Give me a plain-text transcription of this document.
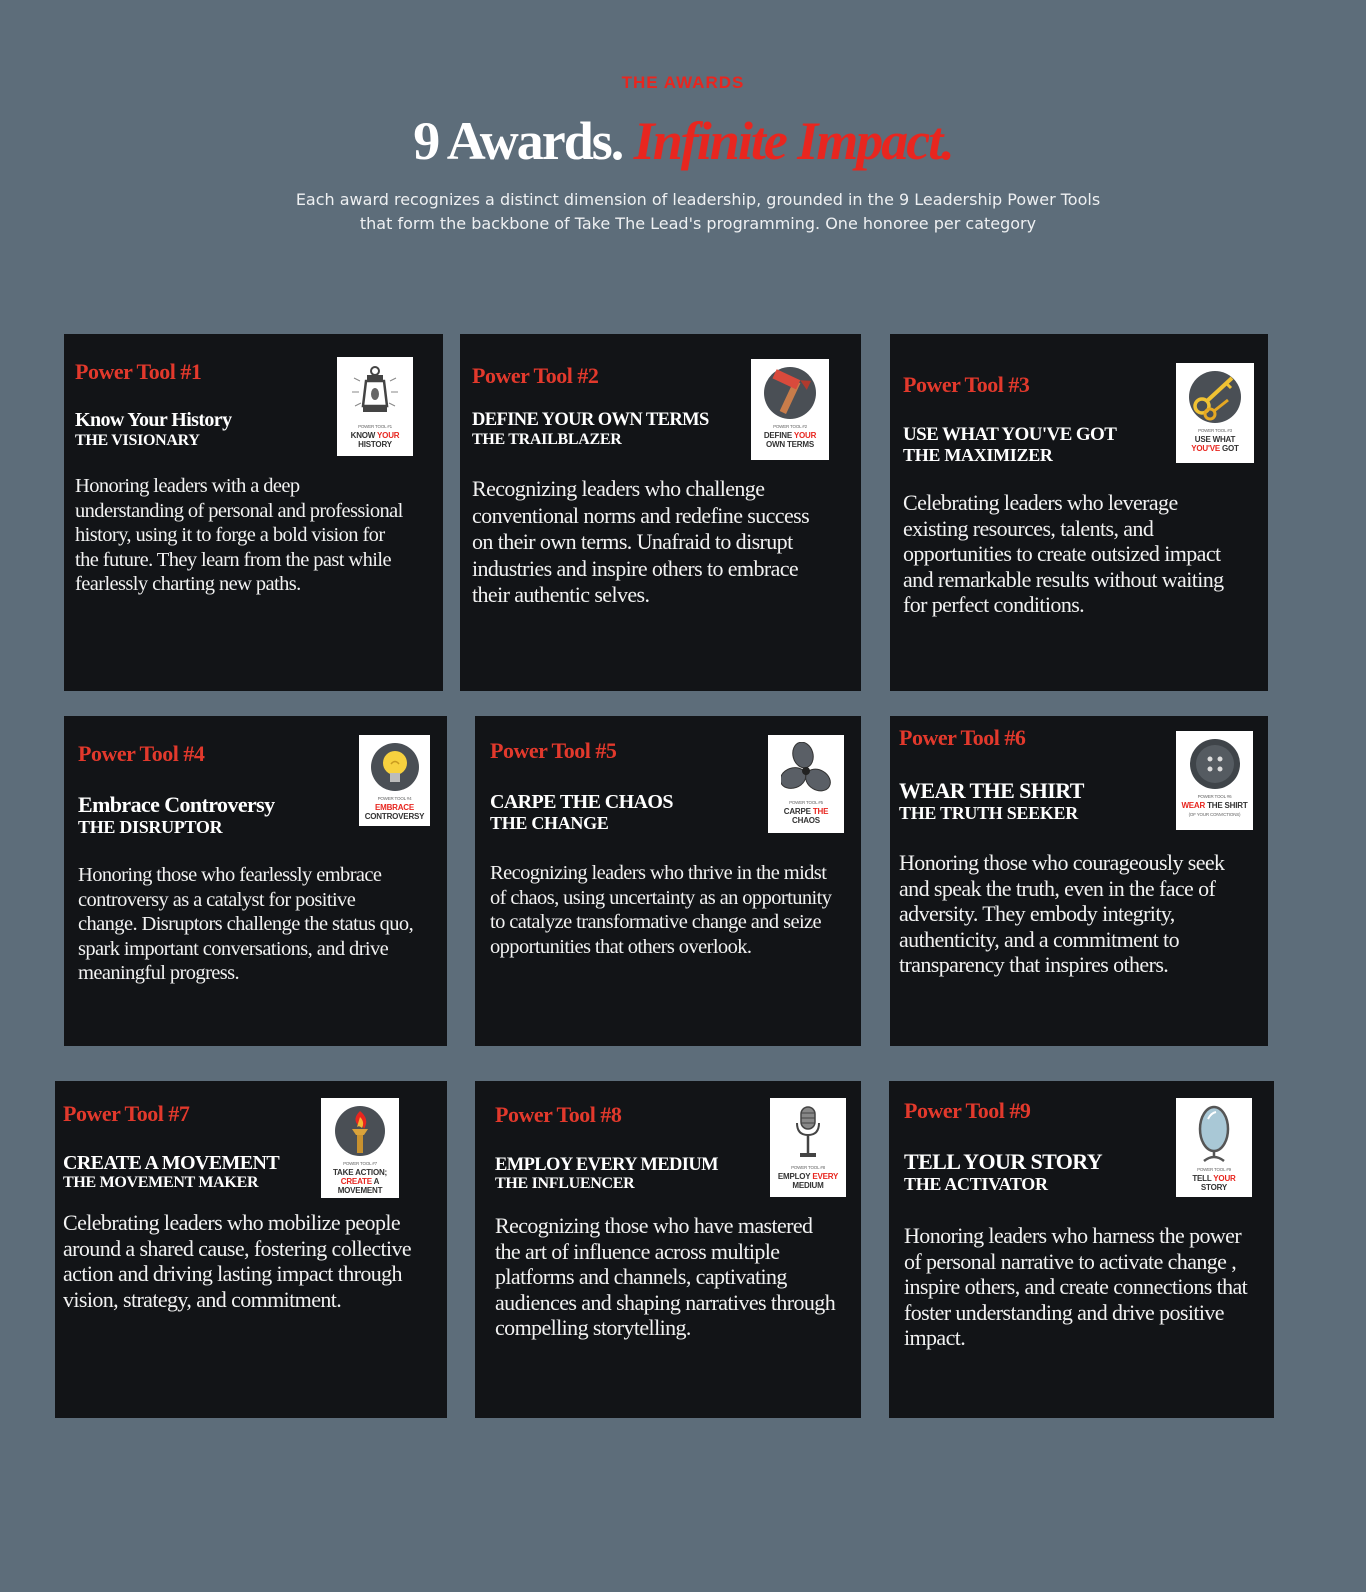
THE AWARDS
9 Awards. Infinite Impact.
Each award recognizes a distinct dimension of leadership, grounded in the 9 Leadership Power Tools that form the backbone of Take The Lead's programming. One honoree per category
Power Tool #1
Know Your History
THE VISIONARY
Honoring leaders with a deep understanding of personal and professional history, using it to forge a bold vision for the future. They learn from the past while fearlessly charting new paths.
POWER TOOL #1
KNOW YOUR
HISTORY
Power Tool #2
DEFINE YOUR OWN TERMS
THE TRAILBLAZER
Recognizing leaders who challenge conventional norms and redefine success on their own terms. Unafraid to disrupt industries and inspire others to embrace their authentic selves.
POWER TOOL #2
DEFINE YOUR
OWN TERMS
Power Tool #3
USE WHAT YOU'VE GOT
THE MAXIMIZER
Celebrating leaders who leverage existing resources, talents, and opportunities to create outsized impact and remarkable results without waiting for perfect conditions.
POWER TOOL #3
USE WHAT
YOU'VE GOT
Power Tool #4
Embrace Controversy
THE DISRUPTOR
Honoring those who fearlessly embrace controversy as a catalyst for positive change. Disruptors challenge the status quo, spark important conversations, and drive meaningful progress.
POWER TOOL #4
EMBRACE
CONTROVERSY
Power Tool #5
CARPE THE CHAOS
THE CHANGE
Recognizing leaders who thrive in the midst of chaos, using uncertainty as an opportunity to catalyze transformative change and seize opportunities that others overlook.
POWER TOOL #5
CARPE THE
CHAOS
Power Tool #6
WEAR THE SHIRT
THE TRUTH SEEKER
Honoring those who courageously seek and speak the truth, even in the face of adversity. They embody integrity, authenticity, and a commitment to transparency that inspires others.
POWER TOOL #6
WEAR THE SHIRT

(OF YOUR CONVICTIONS)
Power Tool #7
CREATE A MOVEMENT
THE MOVEMENT MAKER
Celebrating leaders who mobilize people around a shared cause, fostering collective action and driving lasting impact through vision, strategy, and commitment.
POWER TOOL #7
TAKE ACTION;
CREATE A MOVEMENT
Power Tool #8
EMPLOY EVERY MEDIUM
THE INFLUENCER
Recognizing those who have mastered the art of influence across multiple platforms and channels, captivating audiences and shaping narratives through compelling storytelling.
POWER TOOL #8
EMPLOY EVERY
MEDIUM
Power Tool #9
TELL YOUR STORY
THE ACTIVATOR
Honoring leaders who harness the power of personal narrative to activate change , inspire others, and create connections that foster understanding and drive positive impact.
POWER TOOL #9
TELL YOUR
STORY
